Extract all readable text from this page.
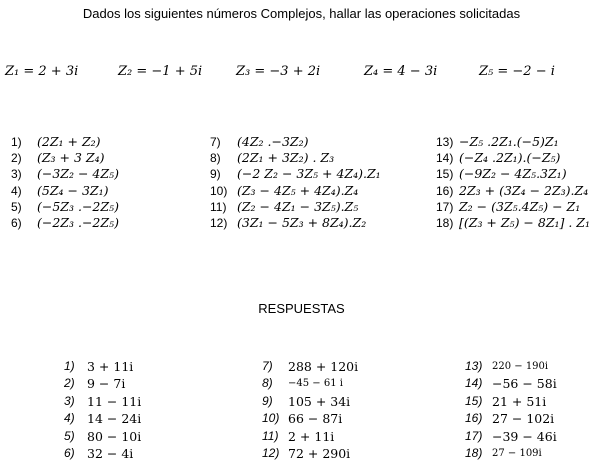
Dados los siguientes números Complejos, hallar las operaciones solicitadas
Z₁ = 2 + 3i	Z₂ = −1 + 5i	Z₃ = −3 + 2i	Z₄ = 4 − 3i	Z₅ = −2 − i
1) (2Z₁ + Z₂)
2) (Z₃ + 3 Z₄)
3) (−3Z₂ − 4Z₅)
4) (5Z₄ − 3Z₁)
5) (−5Z₃ .−2Z₅)
6) (−2Z₃ .−2Z₅)
7) (4Z₂ .−3Z₂)
8) (2Z₁ + 3Z₂) . Z₃
9) (−2 Z₂ − 3Z₅ + 4Z₄).Z₁
10) (Z₃ − 4Z₅ + 4Z₄).Z₄
11) (Z₂ − 4Z₁ − 3Z₅).Z₅
12) (3Z₁ − 5Z₃ + 8Z₄).Z₂
13) −Z₅ .2Z₁.(−5)Z₁
14) (−Z₄ .2Z₁).(−Z₅)
15) (−9Z₂ − 4Z₅.3Z₁)
16) 2Z₃ + (3Z₄ − 2Z₃).Z₄
17) Z₂ − (3Z₅.4Z₅) − Z₁
18) [(Z₃ + Z₅) − 8Z₁] . Z₁
RESPUESTAS
1) 3 + 11i
2) 9 − 7i
3) 11 − 11i
4) 14 − 24i
5) 80 − 10i
6) 32 − 4i
7) 288 + 120i
8) −45 − 61 i
9) 105 + 34i
10) 66 − 87i
11) 2 + 11i
12) 72 + 290i
13) 220 − 190i
14) −56 − 58i
15) 21 + 51i
16) 27 − 102i
17) −39 − 46i
18) 27 − 109i
